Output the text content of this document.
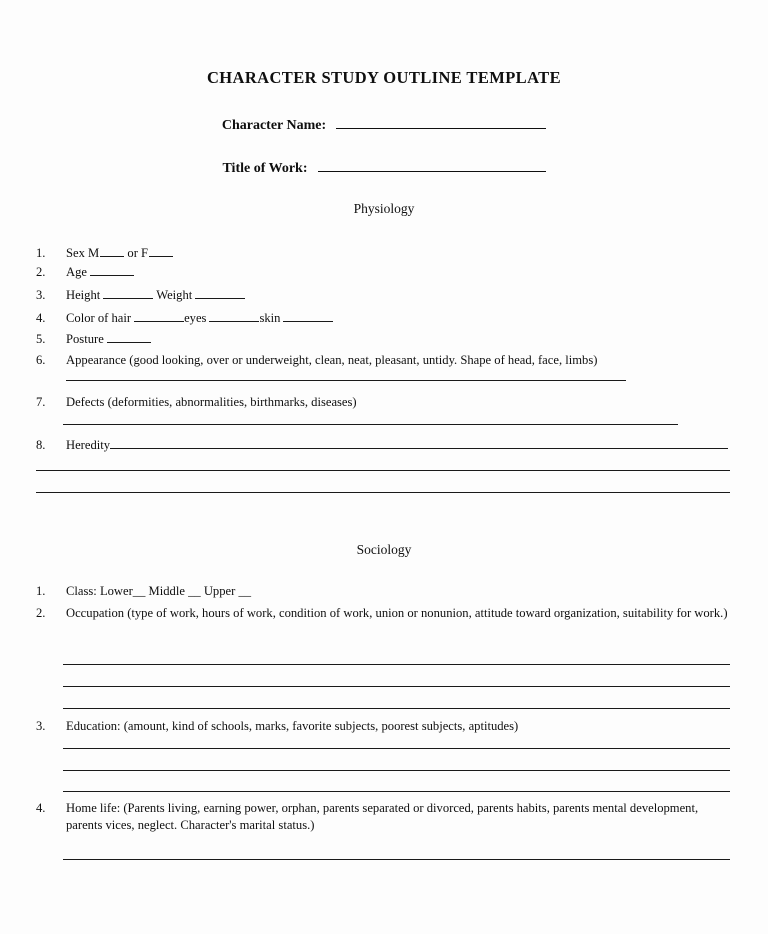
CHARACTER STUDY OUTLINE TEMPLATE
Character Name:
Title of Work:
Physiology
1.	Sex M or F
2.	Age
3.	Height	Weight
4.	Color of hair	eyes	skin
5.	Posture
6.	Appearance (good looking, over or underweight, clean, neat, pleasant, untidy. Shape of head, face, limbs)
7.	Defects (deformities, abnormalities, birthmarks, diseases)
8.	Heredity
Sociology
1.	Class: Lower__ Middle __ Upper __
2.	Occupation (type of work, hours of work, condition of work, union or nonunion, attitude toward organization, suitability for work.)
3.	Education: (amount, kind of schools, marks, favorite subjects, poorest subjects, aptitudes)
4.	Home life: (Parents living, earning power, orphan, parents separated or divorced, parents habits, parents mental development, parents vices, neglect. Character's marital status.)
